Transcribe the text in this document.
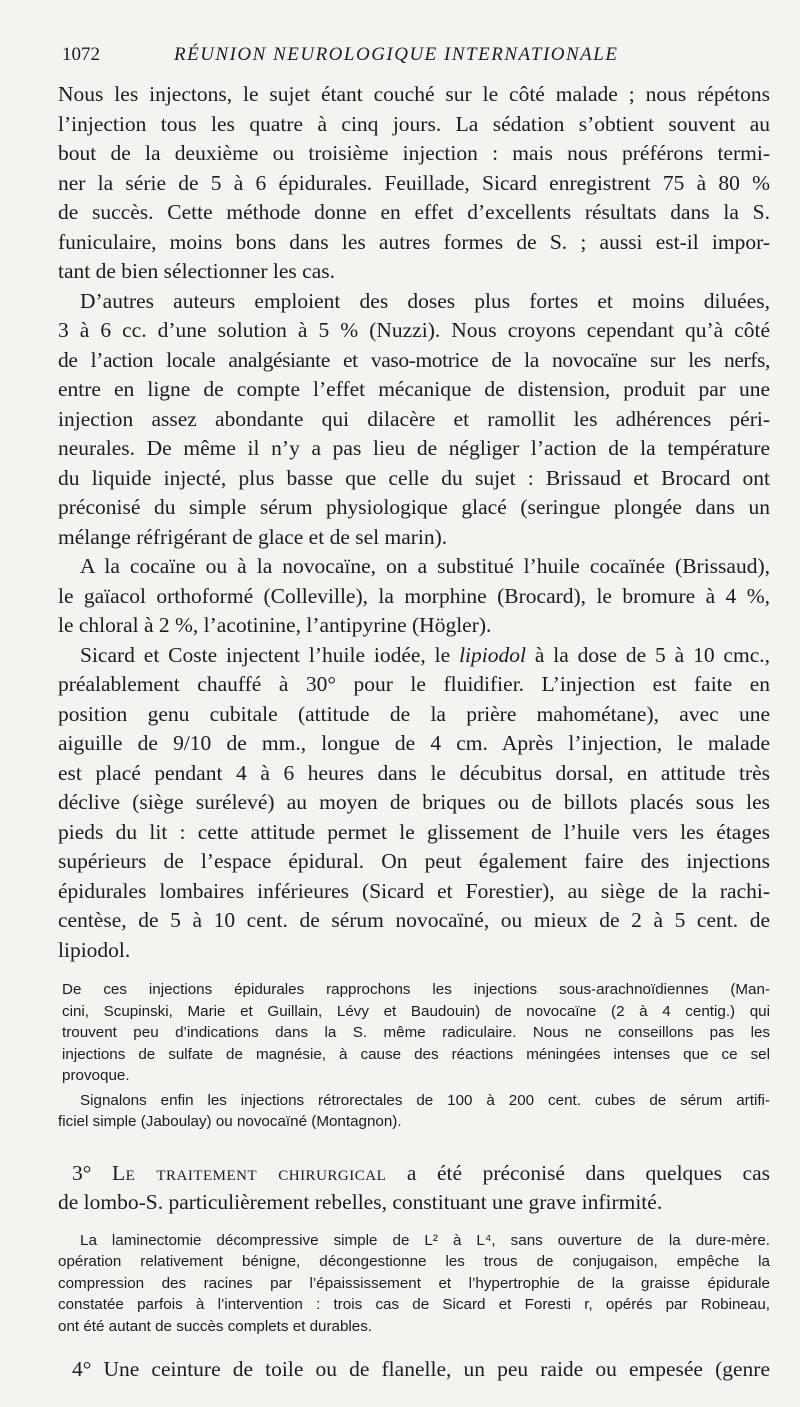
1072	RÉUNION NEUROLOGIQUE INTERNATIONALE

Nous les injectons, le sujet étant couché sur le côté malade ; nous répétons
l’injection tous les quatre à cinq jours. La sédation s’obtient souvent au
bout de la deuxième ou troisième injection : mais nous préférons termi-
ner la série de 5 à 6 épidurales. Feuillade, Sicard enregistrent 75 à 80 %
de succès. Cette méthode donne en effet d’excellents résultats dans la S.
funiculaire, moins bons dans les autres formes de S. ; aussi est-il impor-
tant de bien sélectionner les cas.

D’autres auteurs emploient des doses plus fortes et moins diluées,

3 à 6 cc. d’une solution à 5 % (Nuzzi). Nous croyons cependant qu’à côté
de l’action locale analgésiante et vaso-motrice de la novocaïne sur les nerfs,
entre en ligne de compte l’effet mécanique de distension, produit par une
injection assez abondante qui dilacère et ramollit les adhérences péri-
neurales. De même il n’y a pas lieu de négliger l’action de la température
du liquide injecté, plus basse que celle du sujet : Brissaud et Brocard ont
préconisé du simple sérum physiologique glacé (seringue plongée dans un
mélange réfrigérant de glace et de sel marin).

A la cocaïne ou à la novocaïne, on a substitué l’huile cocaïnée (Brissaud),

le gaïacol orthoformé (Colleville), la morphine (Brocard), le bromure à 4 %,
le chloral à 2 %, l’acotinine, l’antipyrine (Högler).

Sicard et Coste injectent l’huile iodée, le lipiodol à la dose de 5 à 10 cmc.,

préalablement chauffé à 30° pour le fluidifier. L’injection est faite en
position genu cubitale (attitude de la prière mahométane), avec une
aiguille de 9/10 de mm., longue de 4 cm. Après l’injection, le malade
est placé pendant 4 à 6 heures dans le décubitus dorsal, en attitude très
déclive (siège surélevé) au moyen de briques ou de billots placés sous les
pieds du lit : cette attitude permet le glissement de l’huile vers les étages
supérieurs de l’espace épidural. On peut également faire des injections
épidurales lombaires inférieures (Sicard et Forestier), au siège de la rachi-
centèse, de 5 à 10 cent. de sérum novocaïné, ou mieux de 2 à 5 cent. de
lipiodol.

De ces injections épidurales rapprochons les injections sous-arachnoïdiennes (Man-
cini, Scupinski, Marie et Guillain, Lévy et Baudouin) de novocaïne (2 à 4 centig.) qui
trouvent peu d’indications dans la S. même radiculaire. Nous ne conseillons pas les
injections de sulfate de magnésie, à cause des réactions méningées intenses que ce sel
provoque.

Signalons enfin les injections rétrorectales de 100 à 200 cent. cubes de sérum artifi-
ficiel simple (Jaboulay) ou novocaïné (Montagnon).

3° Le traitement chirurgical a été préconisé dans quelques cas
de lombo-S. particulièrement rebelles, constituant une grave infirmité.

La laminectomie décompressive simple de L² à L⁴, sans ouverture de la dure-mère.
opération relativement bénigne, décongestionne les trous de conjugaison, empêche la
compression des racines par l’épaississement et l’hypertrophie de la graisse épidurale
constatée parfois à l’intervention : trois cas de Sicard et Foresti r, opérés par Robineau,
ont été autant de succès complets et durables.

4° Une ceinture de toile ou de flanelle, un peu raide ou empesée (genre
